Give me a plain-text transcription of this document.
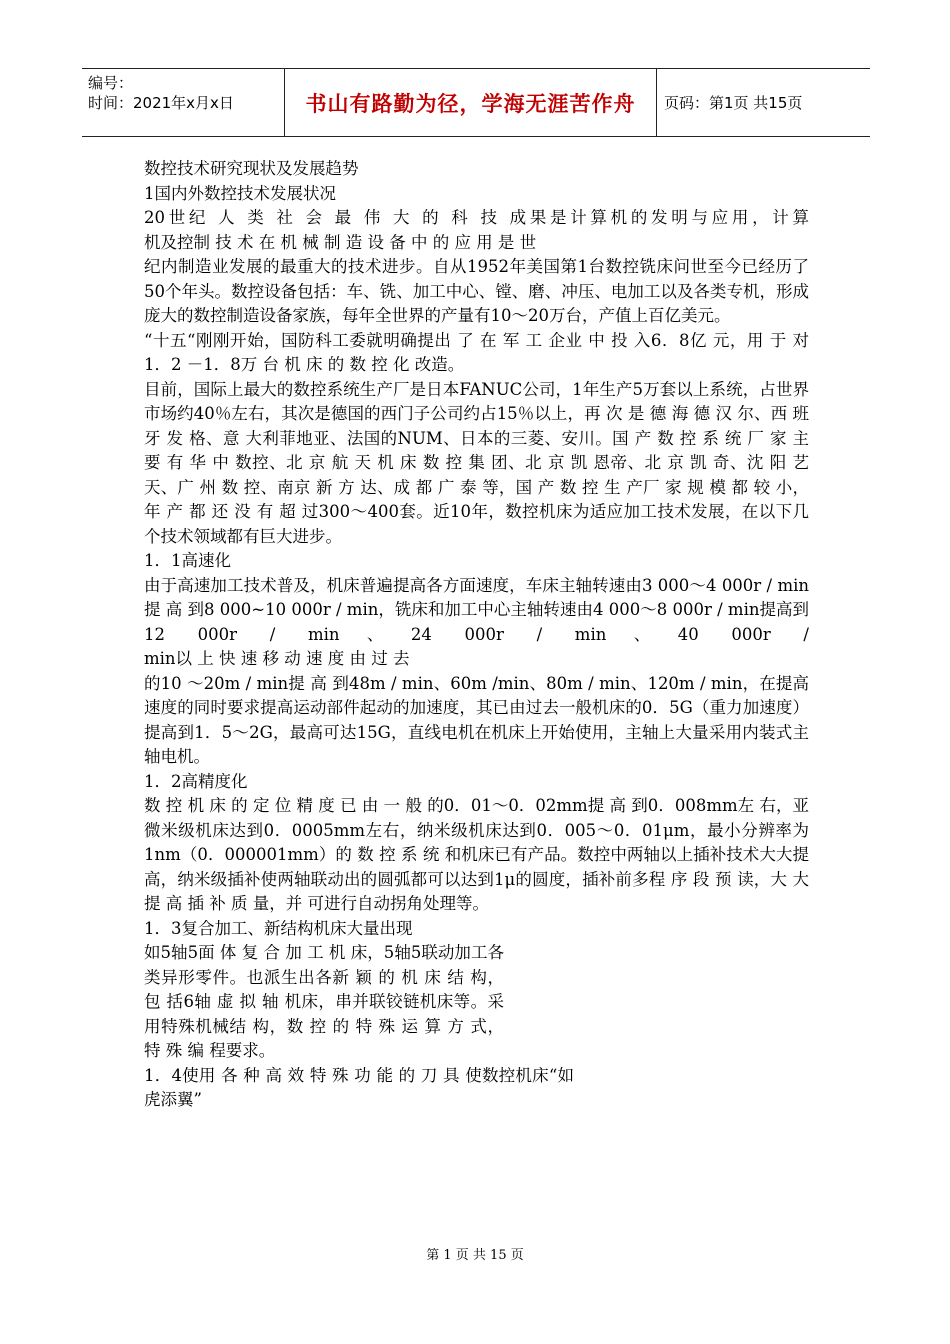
编号：
时间：2021年x月x日	书山有路勤为径，学海无涯苦作舟	页码：第1页 共15页

数控技术研究现状及发展趋势

1国内外数控技术发展状况

20世纪 人 类 社 会 最 伟 大 的 科 技 成果是计算机的发明与应用，计算

机及控制 技 术 在 机 械 制 造 设 备 中 的 应 用 是 世

纪内制造业发展的最重大的技术进步。自从1952年美国第1台数控铣床问世至今已经历了50个年头。数控设备包括：车、铣、加工中心、镗、磨、冲压、电加工以及各类专机，形成庞大的数控制造设备家族，每年全世界的产量有10～20万台，产值上百亿美元。

“十五“刚刚开始，国防科工委就明确提出 了 在 军 工 企业 中 投 入6．8亿 元，用 于 对1．2 －1．8万 台 机 床 的 数 控 化 改造。

目前，国际上最大的数控系统生产厂是日本FANUC公司，1年生产5万套以上系统，占世界市场约40％左右，其次是德国的西门子公司约占15％以上，再 次 是 德 海 德 汉 尔、西 班 牙 发 格、意 大利菲地亚、法国的NUM、日本的三菱、安川。国 产 数 控 系 统 厂 家 主 要 有 华 中 数控、北 京 航 天 机 床 数 控 集 团、北 京 凯 恩帝、北 京 凯 奇、沈 阳 艺 天、广 州 数 控、南京 新 方 达、成 都 广 泰 等，国 产 数 控 生 产厂 家 规 模 都 较 小，年 产 都 还 没 有 超 过300～400套。近10年，数控机床为适应加工技术发展，在以下几个技术领域都有巨大进步。

1．1高速化

由于高速加工技术普及，机床普遍提高各方面速度，车床主轴转速由3 000～4 000r / min提 高 到8 000~10 000r / min，铣床和加工中心主轴转速由4 000～8 000r / min提高到12 000r / min、24 000r / min、40 000r /

min以 上 快 速 移 动 速 度 由 过 去

的10 ～20m / min提 高 到48m / min、60m /min、80m / min、120m / min，在提高速度的同时要求提高运动部件起动的加速度，其已由过去一般机床的0．5G（重力加速度）提高到1．5～2G，最高可达15G，直线电机在机床上开始使用，主轴上大量采用内装式主轴电机。

1．2高精度化

数 控 机 床 的 定 位 精 度 已 由 一 般 的0．01～0．02mm提 高 到0．008mm左 右，亚微米级机床达到0．0005mm左右，纳米级机床达到0．005～0．01μm，最小分辨率为1nm（0．000001mm）的 数 控 系 统 和机床已有产品。数控中两轴以上插补技术大大提高，纳米级插补使两轴联动出的圆弧都可以达到1μ的圆度，插补前多程 序 段 预 读，大 大 提 高 插 补 质 量，并 可进行自动拐角处理等。

1．3复合加工、新结构机床大量出现

如5轴5面 体 复 合 加 工 机 床，5轴5联动加工各类异形零件。也派生出各新 颖 的 机 床 结 构，包 括6轴 虚 拟 轴 机床，串并联铰链机床等。采用特殊机械结 构，数 控 的 特 殊 运 算 方 式，特 殊 编 程要求。

1．4使用 各 种 高 效 特 殊 功 能 的 刀 具 使数控机床“如虎添翼”

第 1 页 共 15 页
